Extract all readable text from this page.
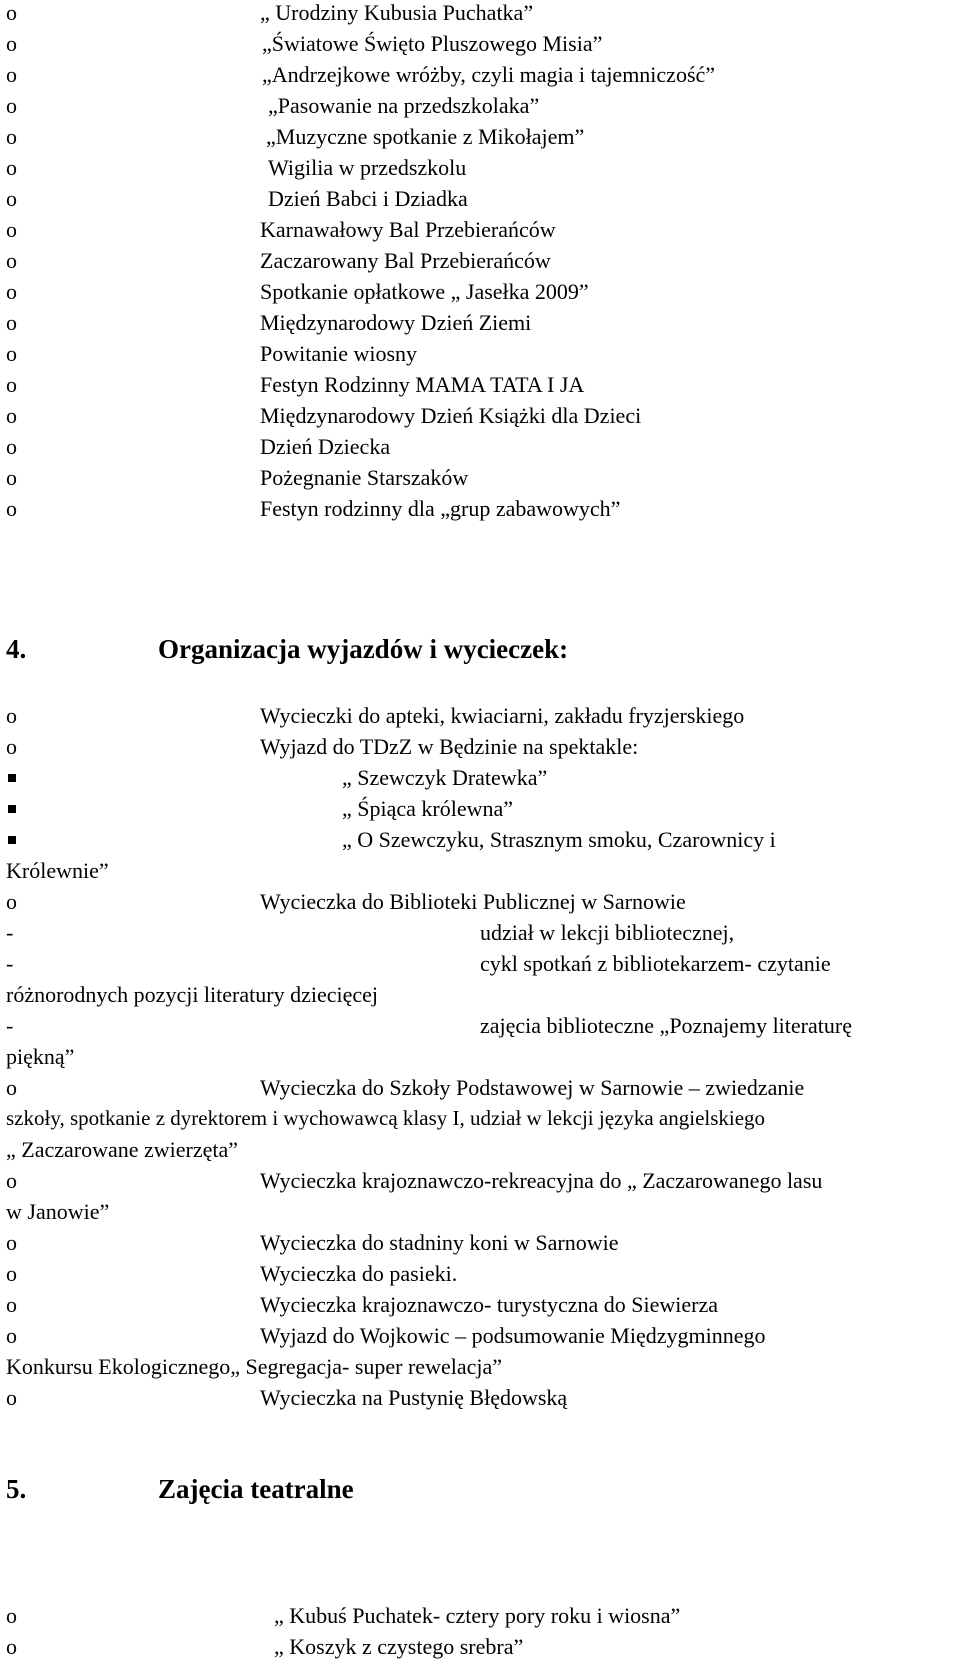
o	„ Urodziny Kubusia Puchatka”
o	„Światowe Święto Pluszowego Misia”
o	„Andrzejkowe wróżby, czyli magia i tajemniczość”
o	„Pasowanie na przedszkolaka”
o	„Muzyczne spotkanie z Mikołajem”
o	Wigilia w przedszkolu
o	Dzień Babci i Dziadka
o	Karnawałowy Bal Przebierańców
o	Zaczarowany Bal Przebierańców
o	Spotkanie opłatkowe „ Jasełka 2009”
o	Międzynarodowy Dzień Ziemi
o	Powitanie wiosny
o	Festyn Rodzinny MAMA TATA I JA
o	Międzynarodowy Dzień Książki dla Dzieci
o	Dzień Dziecka
o	Pożegnanie Starszaków
o	Festyn rodzinny dla „grup zabawowych”
4.	Organizacja wyjazdów i wycieczek:
o	Wycieczki do apteki, kwiaciarni, zakładu fryzjerskiego
o	Wyjazd do TDzZ w Będzinie na spektakle:
„ Szewczyk Dratewka”
„ Śpiąca królewna”
„ O Szewczyku, Strasznym smoku, Czarownicy i
Królewnie”
o	Wycieczka do Biblioteki Publicznej w Sarnowie
-	udział w lekcji bibliotecznej,
-	cykl spotkań z bibliotekarzem- czytanie
różnorodnych pozycji literatury dziecięcej
-	zajęcia biblioteczne „Poznajemy literaturę
piękną”
o	Wycieczka do Szkoły Podstawowej w Sarnowie – zwiedzanie
szkoły, spotkanie z dyrektorem i wychowawcą klasy I, udział w lekcji języka angielskiego
„ Zaczarowane zwierzęta”
o	Wycieczka krajoznawczo-rekreacyjna do „ Zaczarowanego lasu
w Janowie”
o	Wycieczka do stadniny koni w Sarnowie
o	Wycieczka do pasieki.
o	Wycieczka krajoznawczo- turystyczna do Siewierza
o	Wyjazd do Wojkowic – podsumowanie Międzygminnego
Konkursu Ekologicznego„ Segregacja- super rewelacja”
o	Wycieczka na Pustynię Błędowską
5.	Zajęcia teatralne
o	„ Kubuś Puchatek- cztery pory roku i wiosna”
o	„ Koszyk z czystego srebra”
